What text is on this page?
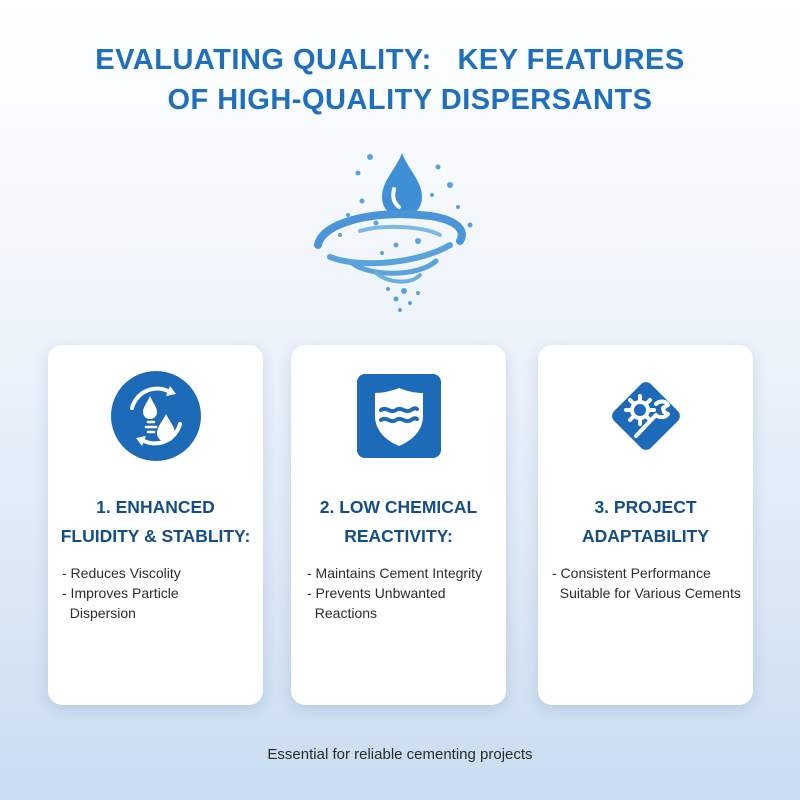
EVALUATING QUALITY:   KEY FEATURES
OF HIGH-QUALITY DISPERSANTS
1. ENHANCED
FLUIDITY & STABLITY:
- Reduces Viscolity
- Improves Particle
Dispersion
2. LOW CHEMICAL
REACTIVITY:
- Maintains Cement Integrity
- Prevents Unbwanted
Reactions
3. PROJECT
ADAPTABILITY
- Consistent Performance
Suitable for Various Cements
Essential for reliable cementing projects
